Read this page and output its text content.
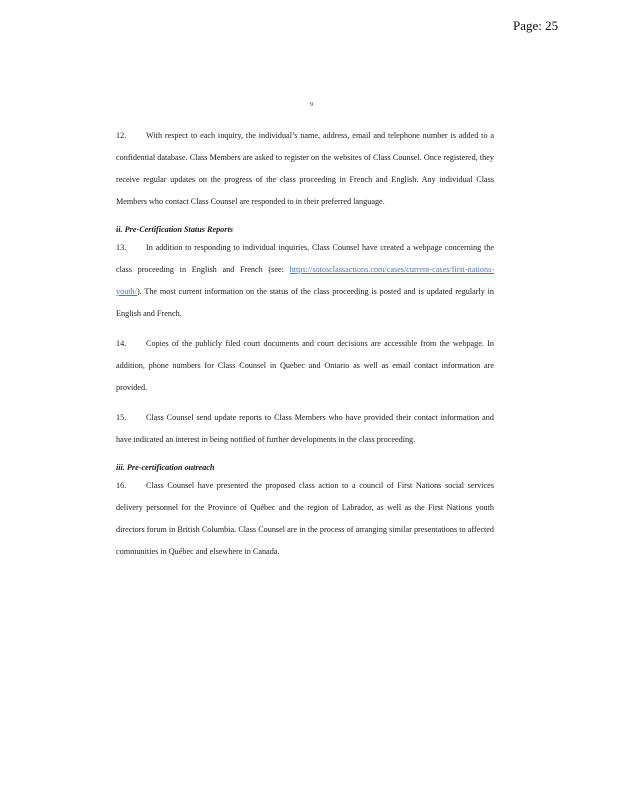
Page: 25
9

12. With respect to each inquiry, the individual’s name, address, email and telephone number is added to a confidential database. Class Members are asked to register on the websites of Class Counsel. Once registered, they receive regular updates on the progress of the class proceeding in French and English. Any individual Class Members who contact Class Counsel are responded to in their preferred language.

ii. Pre-Certification Status Reports

13. In addition to responding to individual inquiries, Class Counsel have created a webpage concerning the class proceeding in English and French (see: https://sotosclassactions.com/cases/current-cases/first-nations-youth/). The most current information on the status of the class proceeding is posted and is updated regularly in English and French.

14. Copies of the publicly filed court documents and court decisions are accessible from the webpage. In addition, phone numbers for Class Counsel in Quebec and Ontario as well as email contact information are provided.

15. Class Counsel send update reports to Class Members who have provided their contact information and have indicated an interest in being notified of further developments in the class proceeding.

iii. Pre-certification outreach

16. Class Counsel have presented the proposed class action to a council of First Nations social services delivery personnel for the Province of Québec and the region of Labrador, as well as the First Nations youth directors forum in British Columbia. Class Counsel are in the process of arranging similar presentations to affected communities in Québec and elsewhere in Canada.
